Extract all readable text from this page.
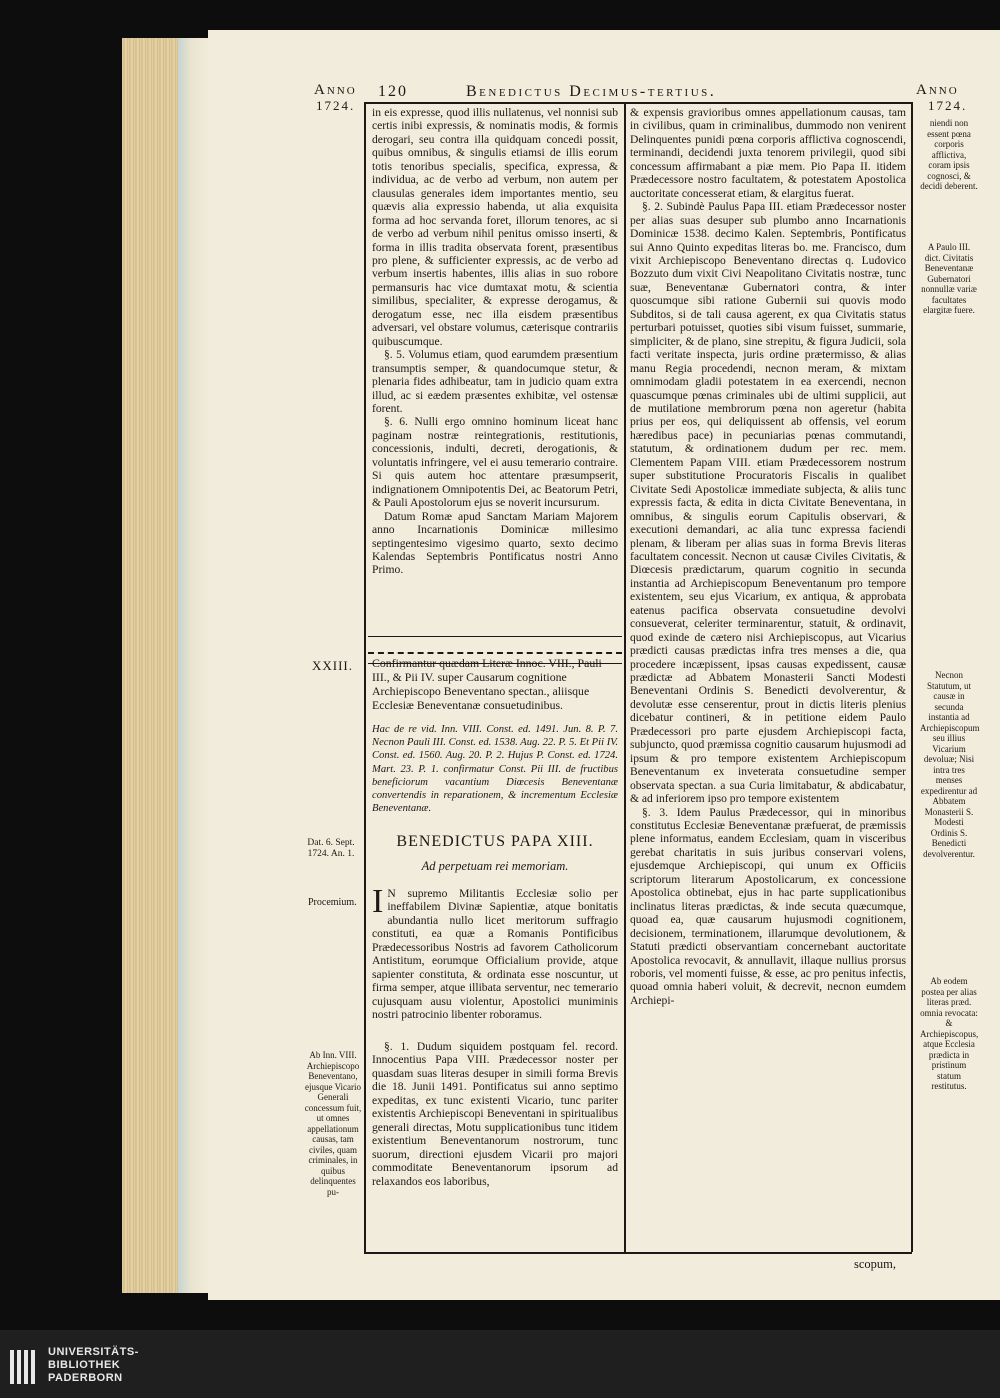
Anno
1724.
120	Benedictus Decimus-tertius.	Anno
1724.

in eis expresse, quod illis nullatenus, vel nonnisi sub certis inibi expressis, & nominatis modis, & formis derogari, seu contra illa quidquam concedi possit, quibus omnibus, & singulis etiamsi de illis eorum totis tenoribus specialis, specifica, expressa, & individua, ac de verbo ad verbum, non autem per clausulas generales idem importantes mentio, seu quævis alia expressio habenda, ut alia exquisita forma ad hoc servanda foret, illorum tenores, ac si de verbo ad verbum nihil penitus omisso inserti, & forma in illis tradita observata forent, præsentibus pro plene, & sufficienter expressis, ac de verbo ad verbum insertis habentes, illis alias in suo robore permansuris hac vice dumtaxat motu, & scientia similibus, specialiter, & expresse derogamus, & derogatum esse, nec illa eisdem præsentibus adversari, vel obstare volumus, cæterisque contrariis quibuscumque.

§. 5. Volumus etiam, quod earumdem præsentium transumptis semper, & quandocumque stetur, & plenaria fides adhibeatur, tam in judicio quam extra illud, ac si eædem præsentes exhibitæ, vel ostensæ forent.

§. 6. Nulli ergo omnino hominum liceat hanc paginam nostræ reintegrationis, restitutionis, concessionis, indulti, decreti, derogationis, & voluntatis infringere, vel ei ausu temerario contraire. Si quis autem hoc attentare præsumpserit, indignationem Omnipotentis Dei, ac Beatorum Petri, & Pauli Apostolorum ejus se noverit incursurum.

Datum Romæ apud Sanctam Mariam Majorem anno Incarnationis Dominicæ millesimo septingentesimo vigesimo quarto, sexto decimo Kalendas Septembris Pontificatus nostri Anno Primo.

XXIII. Confirmantur quædam Literæ Innoc. VIII., Pauli III., & Pii IV. super Causarum cognitione Archiepiscopo Beneventano spectan., aliisque Ecclesiæ Beneventanæ consuetudinibus.
Hac de re vid. Inn. VIII. Const. ed. 1491. Jun. 8. P. 7. Necnon Pauli III. Const. ed. 1538. Aug. 22. P. 5. Et Pii IV. Const. ed. 1560. Aug. 20. P. 2. Hujus P. Const. ed. 1724. Mart. 23. P. 1. confirmatur Const. Pii III. de fructibus beneficiorum vacantium Diœcesis Beneventanæ convertendis in reparationem, & incrementum Ecclesiæ Beneventanæ.
Dat. 6. Sept. 1724. An. 1.
BENEDICTUS PAPA XIII.
Ad perpetuam rei memoriam.
Procemium. I N supremo Militantis Ecclesiæ solio per ineffabilem Divinæ Sapientiæ, atque bonitatis abundantia nullo licet meritorum suffragio constituti, ea quæ a Romanis Pontificibus Prædecessoribus Nostris ad favorem Catholicorum Antistitum, eorumque Officialium provide, atque sapienter constituta, & ordinata esse noscuntur, ut firma semper, atque illibata serventur, nec temerario cujusquam ausu violentur, Apostolici muniminis nostri patrocinio libenter roboramus.
§. 1. Dudum siquidem postquam fel. record. Innocentius Papa VIII. Prædecessor noster per quasdam suas literas desuper in simili forma Brevis die 18. Junii 1491. Pontificatus sui anno septimo expeditas, ex tunc existenti Vicario, tunc pariter existentis Archiepiscopi Beneventani in spiritualibus generali directas, Motu supplicationibus tunc itidem existentium Beneventanorum nostrorum, tunc suorum, directioni ejusdem Vicarii pro majori commoditate Beneventanorum ipsorum ad relaxandos eos laboribus,
Ab Inn. VIII. Archiepiscopo Beneventano, ejusque Vicario Generali concessum fuit, ut omnes appellationum causas, tam civiles, quam criminales, in quibus delinquentes pu-

& expensis gravioribus omnes appellationum causas, tam in civilibus, quam in criminalibus, dummodo non venirent Delinquentes punidi pœna corporis afflictiva cognoscendi, terminandi, decidendi juxta tenorem privilegii, quod sibi concessum affirmabant a piæ mem. Pio Papa II. itidem Prædecessore nostro facultatem, & potestatem Apostolica auctoritate concesserat etiam, & elargitus fuerat.

§. 2. Subindè Paulus Papa III. etiam Prædecessor noster per alias suas desuper sub plumbo anno Incarnationis Dominicæ 1538. decimo Kalen. Septembris, Pontificatus sui Anno Quinto expeditas literas bo. me. Francisco, dum vixit Archiepiscopo Beneventano directas q. Ludovico Bozzuto dum vixit Civi Neapolitano Civitatis nostræ, tunc suæ, Beneventanæ Gubernatori contra, & inter quoscumque sibi ratione Gubernii sui quovis modo Subditos, si de tali causa agerent, ex qua Civitatis status perturbari potuisset, quoties sibi visum fuisset, summarie, simpliciter, & de plano, sine strepitu, & figura Judicii, sola facti veritate inspecta, juris ordine prætermisso, & alias manu Regia procedendi, necnon meram, & mixtam omnimodam gladii potestatem in ea exercendi, necnon quascumque pœnas criminales ubi de ultimi supplicii, aut de mutilatione membrorum pœna non ageretur (habita prius per eos, qui deliquissent ab offensis, vel eorum hæredibus pace) in pecuniarias pœnas commutandi, statutum, & ordinationem dudum per rec. mem. Clementem Papam VIII. etiam Prædecessorem nostrum super substitutione Procuratoris Fiscalis in qualibet Civitate Sedi Apostolicæ immediate subjecta, & aliis tunc expressis facta, & edita in dicta Civitate Beneventana, in omnibus, & singulis eorum Capitulis observari, & executioni demandari, ac alia tunc expressa faciendi plenam, & liberam per alias suas in forma Brevis literas facultatem concessit. Necnon ut causæ Civiles Civitatis, & Diœcesis prædictarum, quarum cognitio in secunda instantia ad Archiepiscopum Beneventanum pro tempore existentem, seu ejus Vicarium, ex antiqua, & approbata eatenus pacifica observata consuetudine devolvi consueverat, celeriter terminarentur, statuit, & ordinavit, quod exinde de cætero nisi Archiepiscopus, aut Vicarius prædicti causas prædictas infra tres menses a die, qua procedere incæpissent, ipsas causas expedissent, causæ prædictæ ad Abbatem Monasterii Sancti Modesti Beneventani Ordinis S. Benedicti devolverentur, & devolutæ esse censerentur, prout in dictis literis plenius dicebatur contineri, & in petitione eidem Paulo Prædecessori pro parte ejusdem Archiepiscopi facta, subjuncto, quod præmissa cognitio causarum hujusmodi ad ipsum & pro tempore existentem Archiepiscopum Beneventanum ex inveterata consuetudine semper observata spectan. a sua Curia limitabatur, & abdicabatur, & ad inferiorem ipso pro tempore existentem

§. 3. Idem Paulus Prædecessor, qui in minoribus constitutus Ecclesiæ Beneventanæ præfuerat, de præmissis plene informatus, eandem Ecclesiam, quam in visceribus gerebat charitatis in suis juribus conservari volens, ejusdemque Archiepiscopi, qui unum ex Officiis scriptorum literarum Apostolicarum, ex concessione Apostolica obtinebat, ejus in hac parte supplicationibus inclinatus literas prædictas, & inde secuta quæcumque, quoad ea, quæ causarum hujusmodi cognitionem, decisionem, terminationem, illarumque devolutionem, & Statuti prædicti observantiam concernebant auctoritate Apostolica revocavit, & annullavit, illaque nullius prorsus roboris, vel momenti fuisse, & esse, ac pro penitus infectis, quoad omnia haberi voluit, & decrevit, necnon eumdem Archiepi-

scopum,
niendi non essent pœna corporis afflictiva, coram ipsis cognosci, & decidi deberent.
A Paulo III. dict. Civitatis Beneventanæ Gubernatori nonnullæ variæ facultates elargitæ fuere.
Necnon Statutum, ut causæ in secunda instantia ad Archiepiscopum seu illius Vicarium devoluæ; Nisi intra tres menses expedirentur ad Abbatem Monasterii S. Modesti Ordinis S. Benedicti devolverentur.
Ab eodem postea per alias literas præd. omnia revocata: & Archiepiscopus, atque Ecclesia prædicta in pristinum statum restitutus.
UNIVERSITÄTS-
BIBLIOTHEK
PADERBORN
